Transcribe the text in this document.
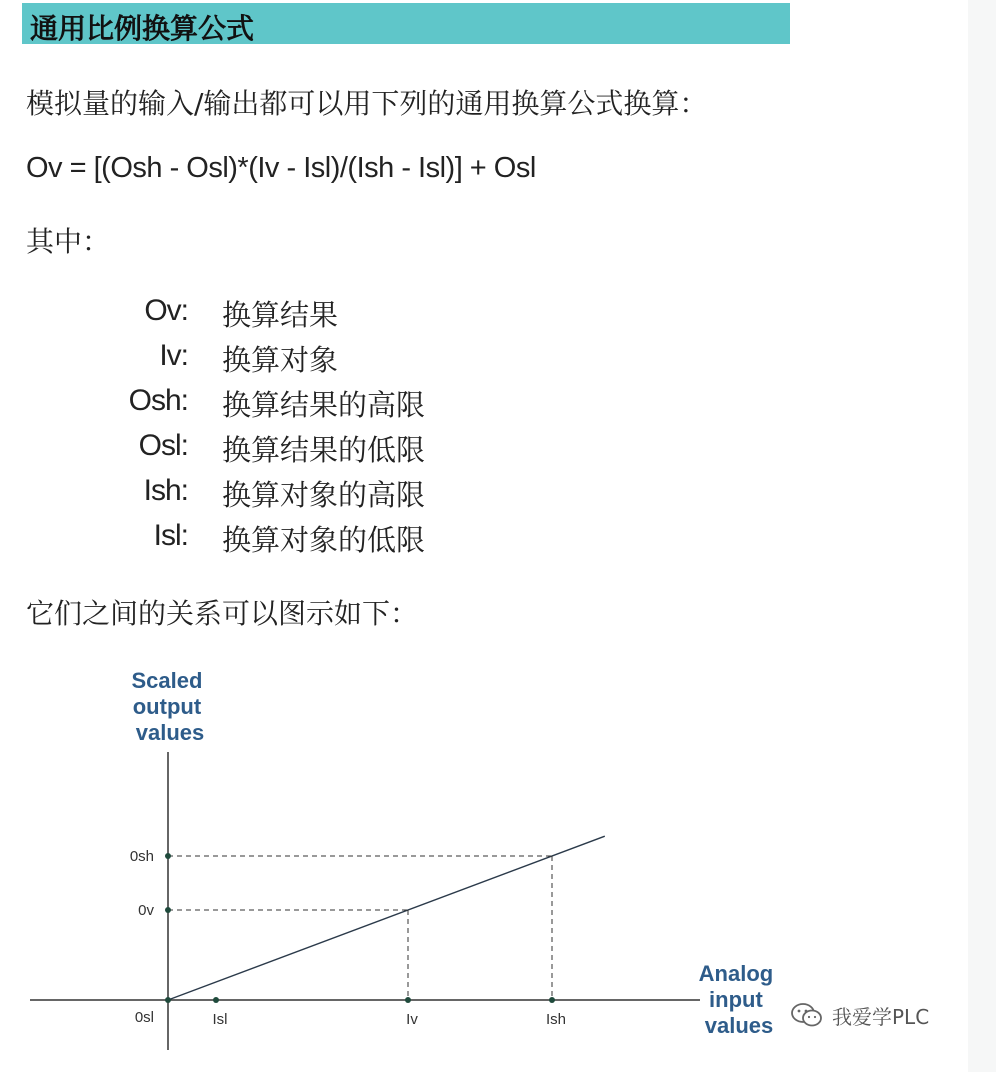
通用比例换算公式
模拟量的输入/输出都可以用下列的通用换算公式换算：
Ov = [(Osh - Osl)*(Iv - Isl)/(Ish - Isl)] + Osl
其中：
Ov: 换算结果
Iv: 换算对象
Osh: 换算结果的高限
Osl: 换算结果的低限
Ish: 换算对象的高限
Isl: 换算对象的低限
它们之间的关系可以图示如下：
Scaled output values
Analog input values
Isl	Iv	Ish
0sh
0v
0sl	我爱学PLC
